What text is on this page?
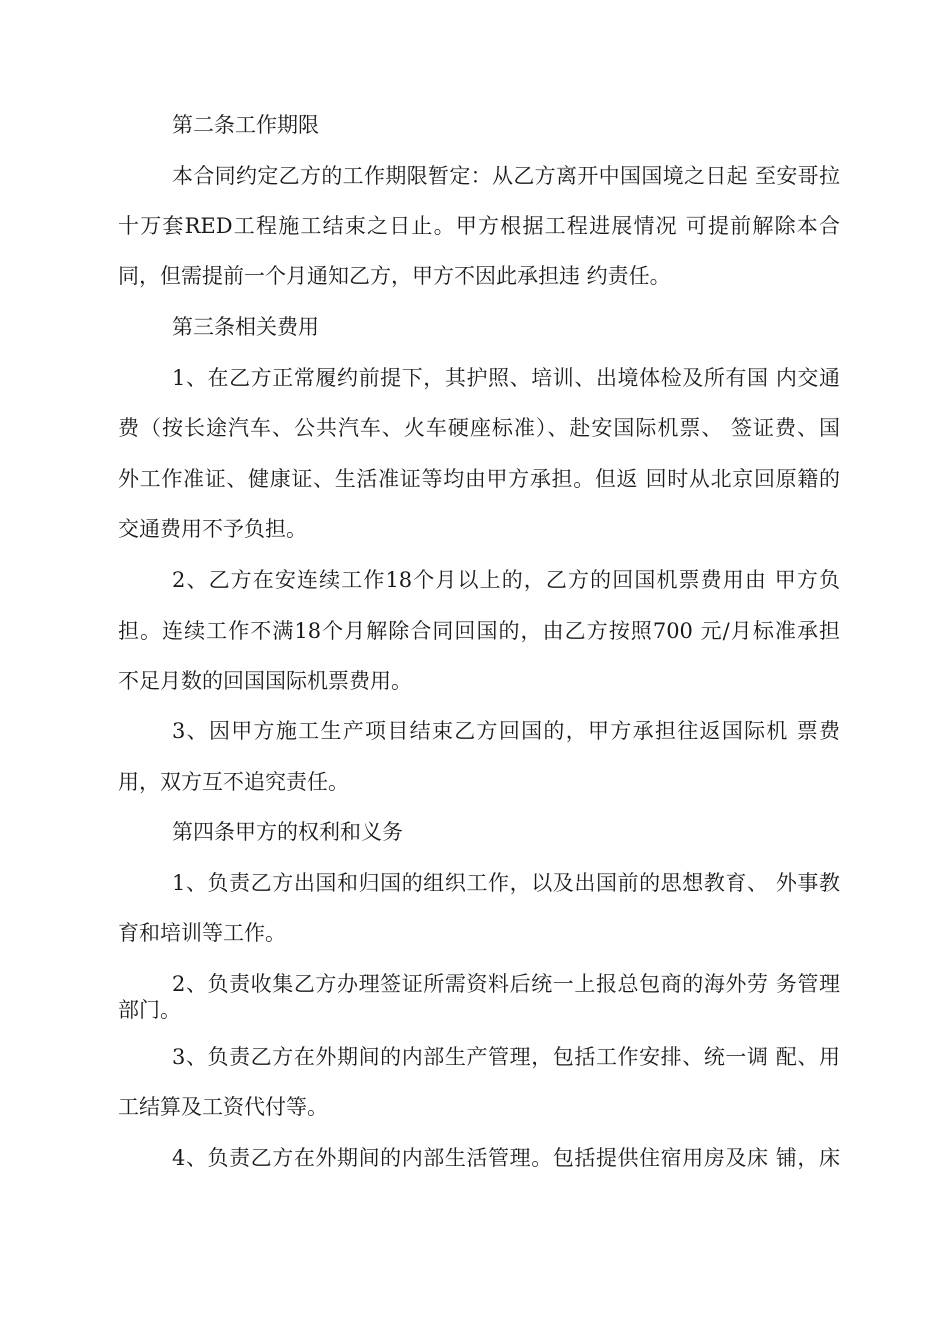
第二条工作期限

本合同约定乙方的工作期限暂定：从乙方离开中国国境之日起 至安哥拉

十万套RED工程施工结束之日止。甲方根据工程进展情况 可提前解除本合

同，但需提前一个月通知乙方，甲方不因此承担违 约责任。

第三条相关费用

1、在乙方正常履约前提下，其护照、培训、出境体检及所有国 内交通

费（按长途汽车、公共汽车、火车硬座标准）、赴安国际机票、 签证费、国

外工作准证、健康证、生活准证等均由甲方承担。但返 回时从北京回原籍的

交通费用不予负担。

2、乙方在安连续工作18个月以上的，乙方的回国机票费用由 甲方负

担。连续工作不满18个月解除合同回国的，由乙方按照700 元/月标准承担

不足月数的回国国际机票费用。

3、因甲方施工生产项目结束乙方回国的，甲方承担往返国际机 票费

用，双方互不追究责任。

第四条甲方的权利和义务

1、负责乙方出国和归国的组织工作，以及出国前的思想教育、 外事教

育和培训等工作。

2、负责收集乙方办理签证所需资料后统一上报总包商的海外劳 务管理

部门。

3、负责乙方在外期间的内部生产管理，包括工作安排、统一调 配、用

工结算及工资代付等。

4、负责乙方在外期间的内部生活管理。包括提供住宿用房及床 铺，床
